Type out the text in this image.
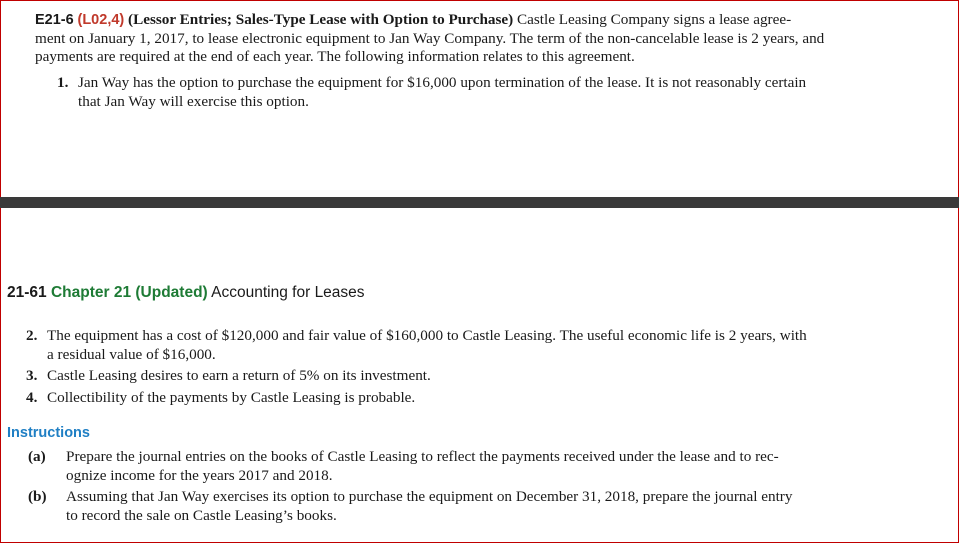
E21-6 (L02,4) (Lessor Entries; Sales-Type Lease with Option to Purchase) Castle Leasing Company signs a lease agree-
ment on January 1, 2017, to lease electronic equipment to Jan Way Company. The term of the non-cancelable lease is 2 years, and
payments are required at the end of each year. The following information relates to this agreement.
1. Jan Way has the option to purchase the equipment for $16,000 upon termination of the lease. It is not reasonably certain
that Jan Way will exercise this option.
21-61 Chapter 21 (Updated) Accounting for Leases
2. The equipment has a cost of $120,000 and fair value of $160,000 to Castle Leasing. The useful economic life is 2 years, with
a residual value of $16,000.
3. Castle Leasing desires to earn a return of 5% on its investment.
4. Collectibility of the payments by Castle Leasing is probable.
Instructions
(a) Prepare the journal entries on the books of Castle Leasing to reflect the payments received under the lease and to rec-
ognize income for the years 2017 and 2018.
(b) Assuming that Jan Way exercises its option to purchase the equipment on December 31, 2018, prepare the journal entry
to record the sale on Castle Leasing’s books.
